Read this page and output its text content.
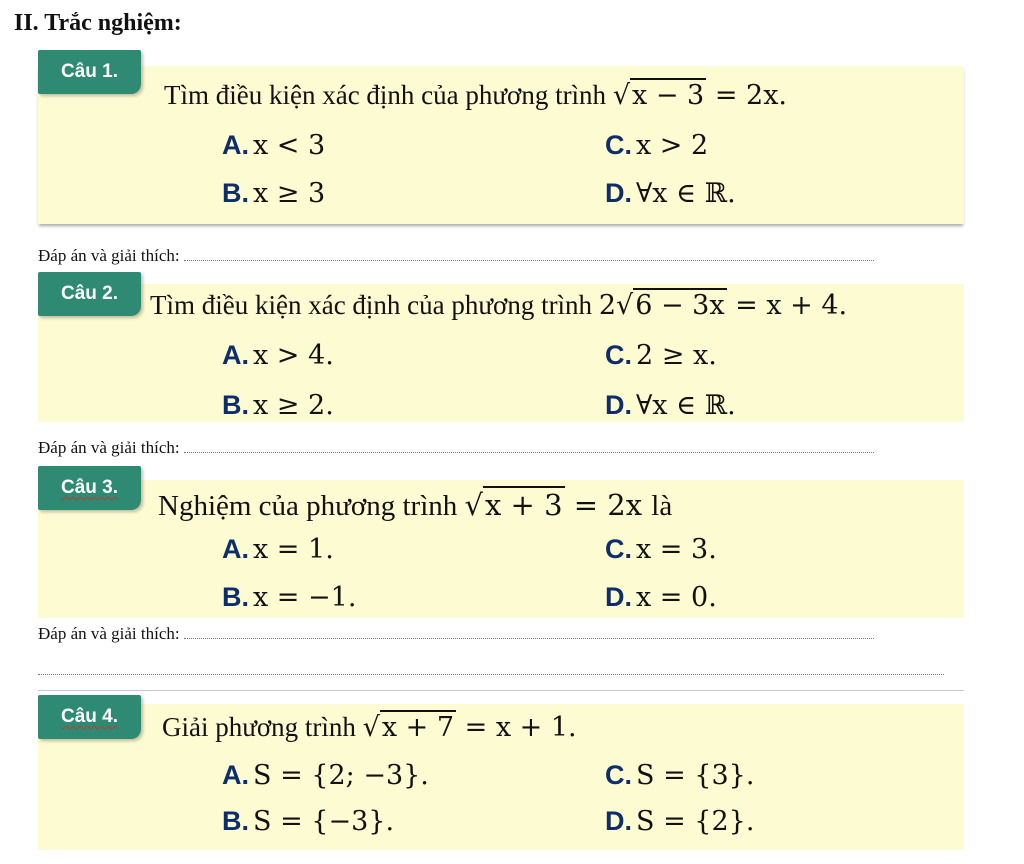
II. Trắc nghiệm:
Câu 1.
Tìm điều kiện xác định của phương trình √x − 3 = 2x.
A. x < 3	C. x > 2
B. x ≥ 3	D. ∀x ∈ ℝ.
Đáp án và giải thích:
Câu 2. Tìm điều kiện xác định của phương trình 2√6 − 3x = x + 4.
A. x > 4.	C. 2 ≥ x.
B. x ≥ 2.	D. ∀x ∈ ℝ.
Đáp án và giải thích:
Câu 3.
Nghiệm của phương trình √x + 3 = 2x là
A. x = 1.	C. x = 3.
B. x = −1.	D. x = 0.
Đáp án và giải thích:
Câu 4. Giải phương trình √x + 7 = x + 1.
A. S = {2; −3}.	C. S = {3}.
B. S = {−3}.	D. S = {2}.
